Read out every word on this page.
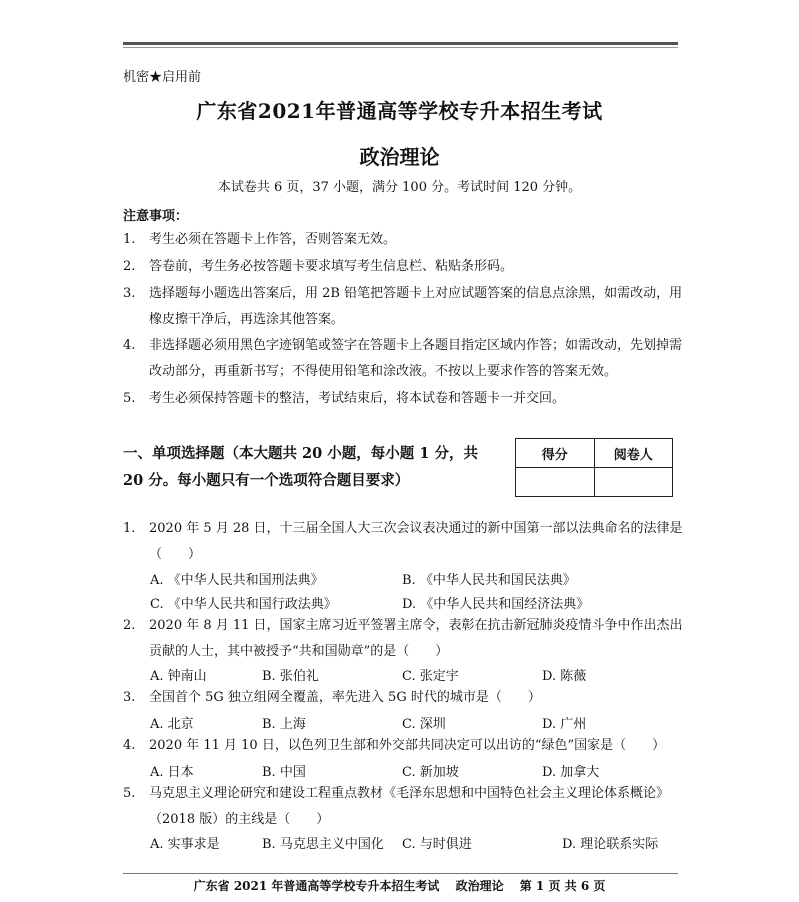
机密★启用前
广东省2021年普通高等学校专升本招生考试
政治理论
本试卷共 6 页，37 小题，满分 100 分。考试时间 120 分钟。
注意事项：
1. 考生必须在答题卡上作答，否则答案无效。
2. 答卷前，考生务必按答题卡要求填写考生信息栏、粘贴条形码。
3. 选择题每小题选出答案后，用 2B 铅笔把答题卡上对应试题答案的信息点涂黑，如需改动，用橡皮擦干净后，再选涂其他答案。
4. 非选择题必须用黑色字迹钢笔或签字在答题卡上各题目指定区域内作答；如需改动，先划掉需改动部分，再重新书写；不得使用铅笔和涂改液。不按以上要求作答的答案无效。
5. 考生必须保持答题卡的整洁，考试结束后，将本试卷和答题卡一并交回。
一、单项选择题（本大题共 20 小题，每小题 1 分，共 20 分。每小题只有一个选项符合题目要求）
得分	阅卷人

1. 2020 年 5 月 28 日，十三届全国人大三次会议表决通过的新中国第一部以法典命名的法律是（　　）
A. 《中华人民共和国刑法典》	B. 《中华人民共和国民法典》
C. 《中华人民共和国行政法典》	D. 《中华人民共和国经济法典》
2. 2020 年 8 月 11 日，国家主席习近平签署主席令，表彰在抗击新冠肺炎疫情斗争中作出杰出贡献的人士，其中被授予“共和国勋章”的是（　　）
A. 钟南山	B. 张伯礼	C. 张定宇	D. 陈薇
3. 全国首个 5G 独立组网全覆盖，率先进入 5G 时代的城市是（　　）
A. 北京	B. 上海	C. 深圳	D. 广州
4. 2020 年 11 月 10 日，以色列卫生部和外交部共同决定可以出访的“绿色”国家是（　　）
A. 日本	B. 中国	C. 新加坡	D. 加拿大
5. 马克思主义理论研究和建设工程重点教材《毛泽东思想和中国特色社会主义理论体系概论》（2018 版）的主线是（　　）
A. 实事求是	B. 马克思主义中国化 C. 与时俱进	D. 理论联系实际
广东省 2021 年普通高等学校专升本招生考试　 政治理论　 第 1 页 共 6 页
